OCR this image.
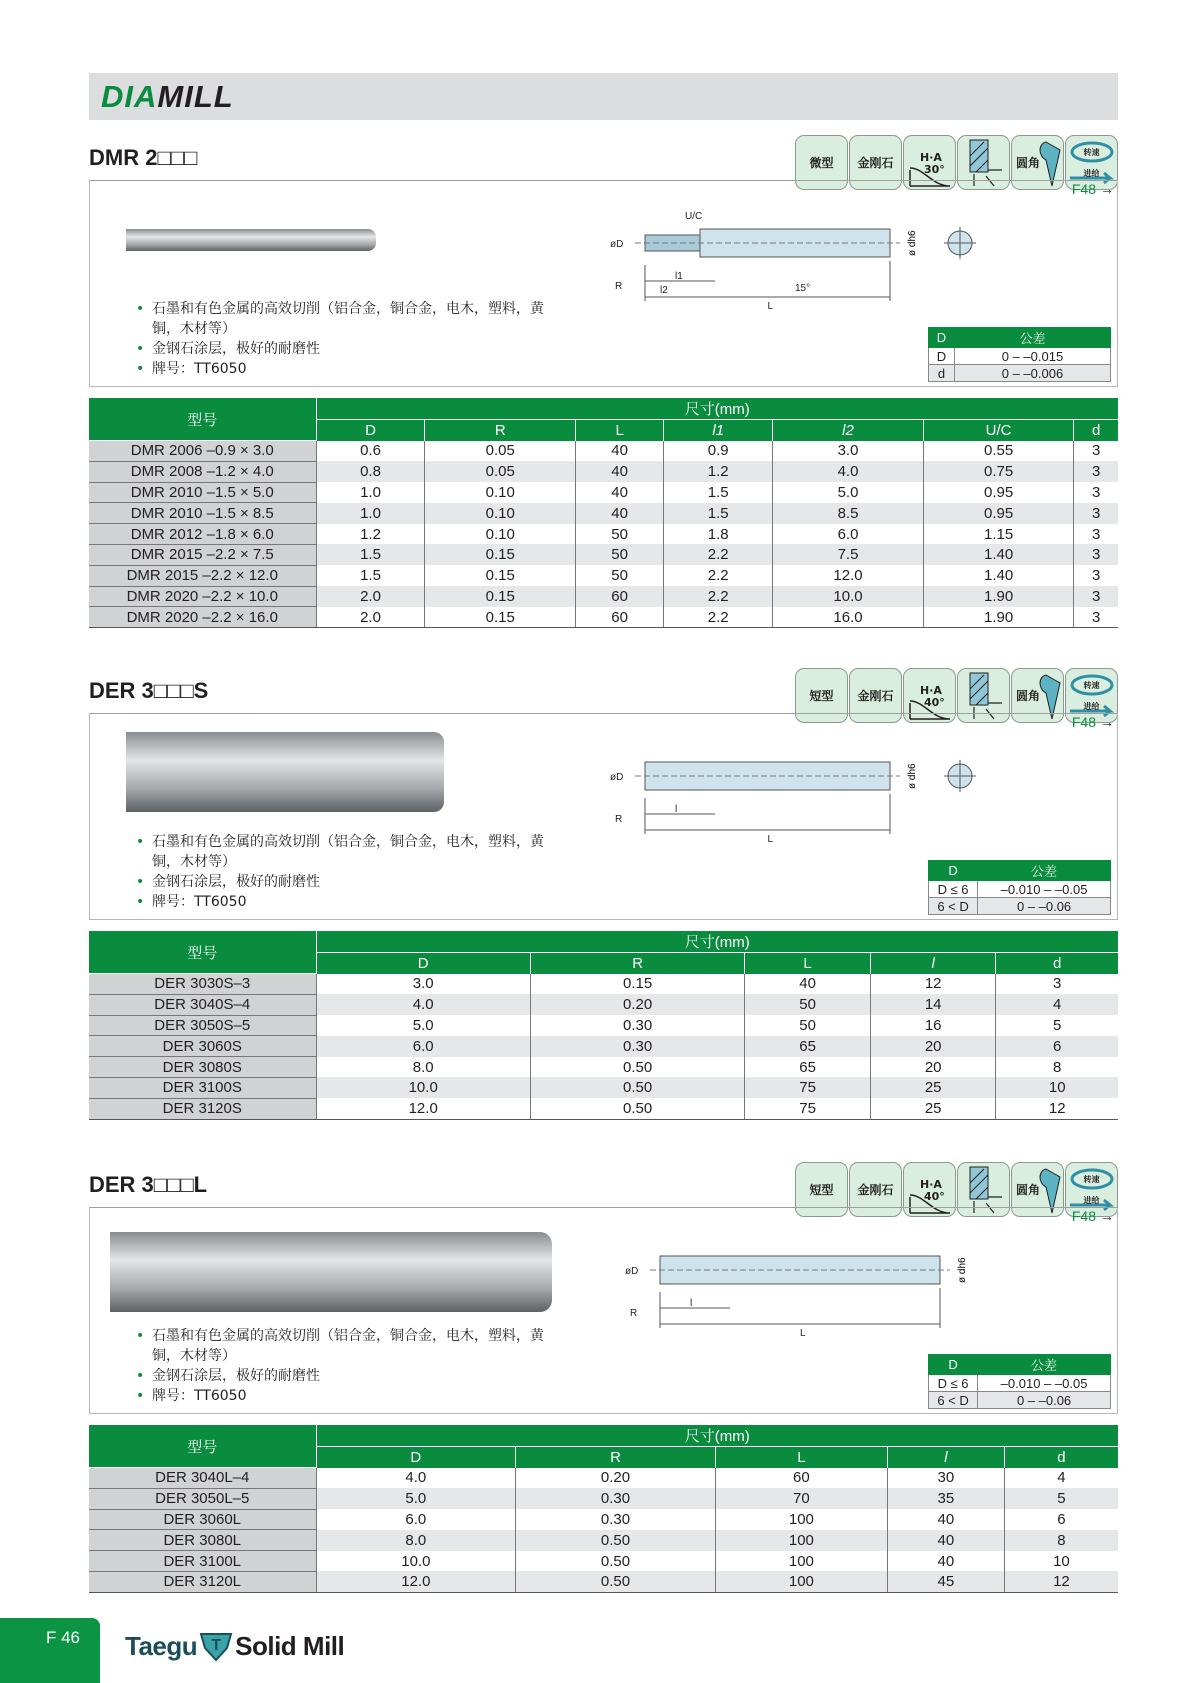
DIAMILL
DMR 2□□□	微型	金刚石	H·A
30°	圆角
转速
进给
F48 →
• 石墨和有色金属的高效切削（铝合金，铜合金，电木，塑料，黄铜，木材等）
• 金钢石涂层，极好的耐磨性
• 牌号：TT6050
øD
R
l1
L
ø dh6
U/C
l2	15°
D	公差
D	0 – –0.015
d	0 – –0.006
型号	尺寸(mm)						
	D	R	L	l1	l2	U/C	d
DMR 2006 –0.9 × 3.0	0.6	0.05	40	0.9	3.0	0.55	3
DMR 2008 –1.2 × 4.0	0.8	0.05	40	1.2	4.0	0.75	3
DMR 2010 –1.5 × 5.0	1.0	0.10	40	1.5	5.0	0.95	3
DMR 2010 –1.5 × 8.5	1.0	0.10	40	1.5	8.5	0.95	3
DMR 2012 –1.8 × 6.0	1.2	0.10	50	1.8	6.0	1.15	3
DMR 2015 –2.2 × 7.5	1.5	0.15	50	2.2	7.5	1.40	3
DMR 2015 –2.2 × 12.0	1.5	0.15	50	2.2	12.0	1.40	3
DMR 2020 –2.2 × 10.0	2.0	0.15	60	2.2	10.0	1.90	3
DMR 2020 –2.2 × 16.0	2.0	0.15	60	2.2	16.0	1.90	3
DER 3□□□S	短型	金刚石	H·A
40°	圆角
转速
进给
F48 →
• 石墨和有色金属的高效切削（铝合金，铜合金，电木，塑料，黄铜，木材等）
• 金钢石涂层，极好的耐磨性
• 牌号：TT6050
øD
R
l
L
ø dh6
D	公差
D ≤ 6	–0.010 – –0.05
6 < D	0 – –0.06
型号	尺寸(mm)				
	D	R	L	l	d
DER 3030S–3	3.0	0.15	40	12	3
DER 3040S–4	4.0	0.20	50	14	4
DER 3050S–5	5.0	0.30	50	16	5
DER 3060S	6.0	0.30	65	20	6
DER 3080S	8.0	0.50	65	20	8
DER 3100S	10.0	0.50	75	25	10
DER 3120S	12.0	0.50	75	25	12
DER 3□□□L	短型	金刚石	H·A
40°	圆角
转速
进给
F48 →
• 石墨和有色金属的高效切削（铝合金，铜合金，电木，塑料，黄铜，木材等）
• 金钢石涂层，极好的耐磨性
• 牌号：TT6050
øD
R
l
L
ø dh6
D	公差
D ≤ 6	–0.010 – –0.05
6 < D	0 – –0.06
型号	尺寸(mm)				
	D	R	L	l	d
DER 3040L–4	4.0	0.20	60	30	4
DER 3050L–5	5.0	0.30	70	35	5
DER 3060L	6.0	0.30	100	40	6
DER 3080L	8.0	0.50	100	40	8
DER 3100L	10.0	0.50	100	40	10
DER 3120L	12.0	0.50	100	45	12
F 46 Taegu T Solid Mill
